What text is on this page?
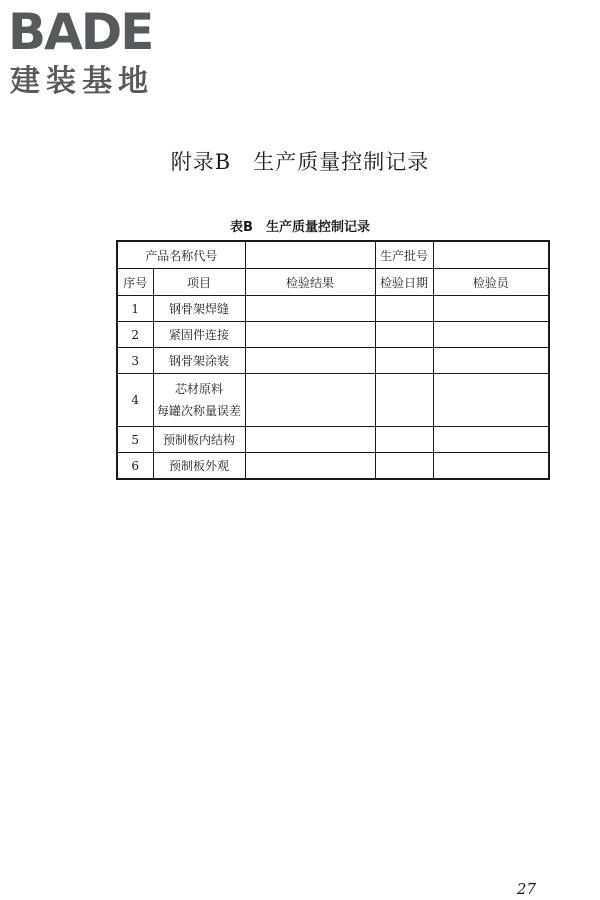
BADE
建装基地
附录B　生产质量控制记录
表B　生产质量控制记录
产品名称代号			生产批号	
序号	项目	检验结果	检验日期	检验员
1	钢骨架焊缝			

2	紧固件连接			

3	钢骨架涂装			

4	芯材原料
每罐次称量误差			

5	预制板内结构			

6	预制板外观			

27
